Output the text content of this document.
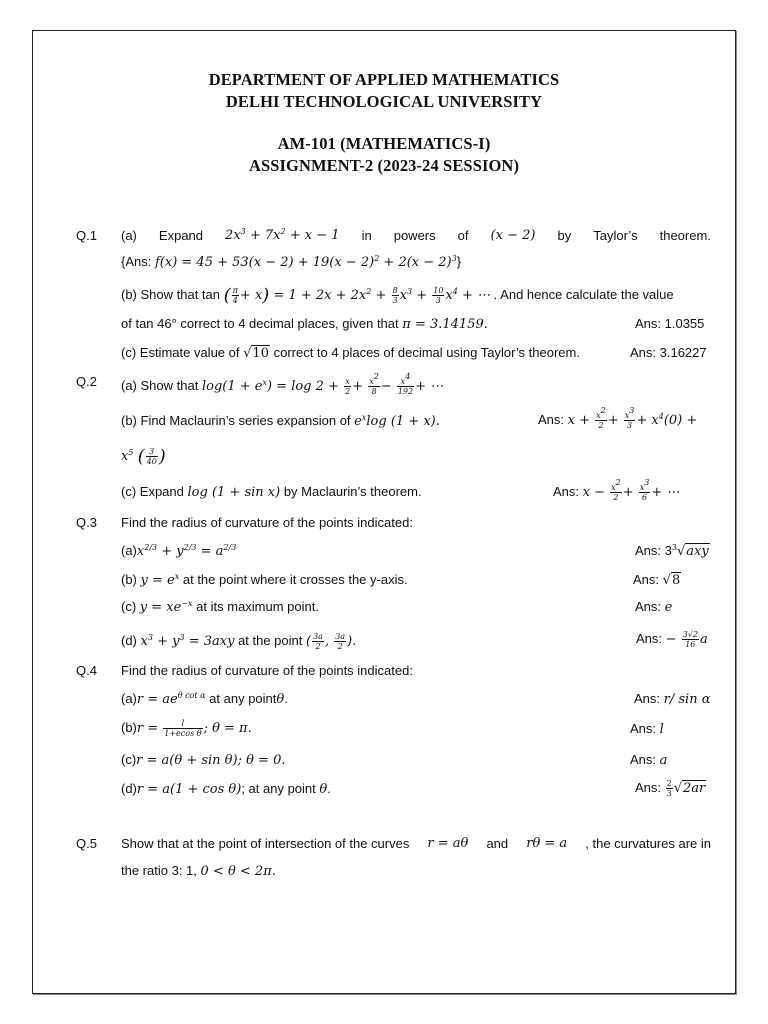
DEPARTMENT OF APPLIED MATHEMATICS
DELHI TECHNOLOGICAL UNIVERSITY
AM-101 (MATHEMATICS-I)
ASSIGNMENT-2 (2023-24 SESSION)
Q.1 (a) Expand $2x^3 + 7x^2 + x - 1$ in powers of (x − 2) by Taylor’s theorem.
{Ans: $f(x) = 45 + 53(x - 2) + 19(x - 2)^2 + 2(x - 2)^3$}
(b) Show that tan ( $\frac{\pi}{4} + x) = 1 + 2x + 2x^2 + \frac{8}{3} x^3 + \frac{10}{3} x^4$ + ⋯ . And hence calculate the value
of tan 46° correct to 4 decimal places, given that π = 3.14159.	Ans: 1.0355
(c) Estimate value of √10 correct to 4 places of decimal using Taylor’s theorem.	Ans: 3.16227
Q.2 (a) Show that $\log(1 + e^x) = \log 2 + \frac{x}{2} + \frac{x^2}{8} - \frac{x^4}{192}$ + ⋯
(b) Find Maclaurin’s series expansion of $e^x\log$ (1 + x).	Ans: $x + \frac{x^2}{2} + \frac{x^3}{3} + x^4(0)$ +
$x^5$ ( $\frac{3}{40}$ )
(c) Expand log (1 + sin x) by Maclaurin’s theorem.	Ans: $x - \frac{x^2}{2} + \frac{x^3}{6}$ + ⋯
Q.3 Find the radius of curvature of the points indicated:
$(a)x^{2/3} + y^{2/3} = a^{2/3}$	Ans: $3^3√axy$
(b) $y = e^x$ at the point where it crosses the y-axis.	Ans: √8
(c) $y = xe^{-x}$ at its maximum point.	Ans: e
(d) $x^3 + y^3 = 3axy$ at the point ( $\frac{3a}{2}$ , $\frac{3a}{2}$ ).	Ans: − $\frac{3√2}{16}$ a
Q.4 Find the radius of curvature of the points indicated:
$(a)r = ae^{\theta cot \alpha}$ at any pointθ.	Ans: r/ sin α
$(b)r = \frac{l}{\text{1+ecos θ}}$ ; θ = π.	Ans: l
(c)r = a(θ + sin θ); θ = 0.	Ans: a
(d)r = a(1 + cos θ); at any point θ.	Ans: $\frac{2}{3} √2ar$
Q.5 Show that at the point of intersection of the curves r = aθ and rθ = a , the curvatures are in
the ratio 3: 1, 0 < θ < 2π.
